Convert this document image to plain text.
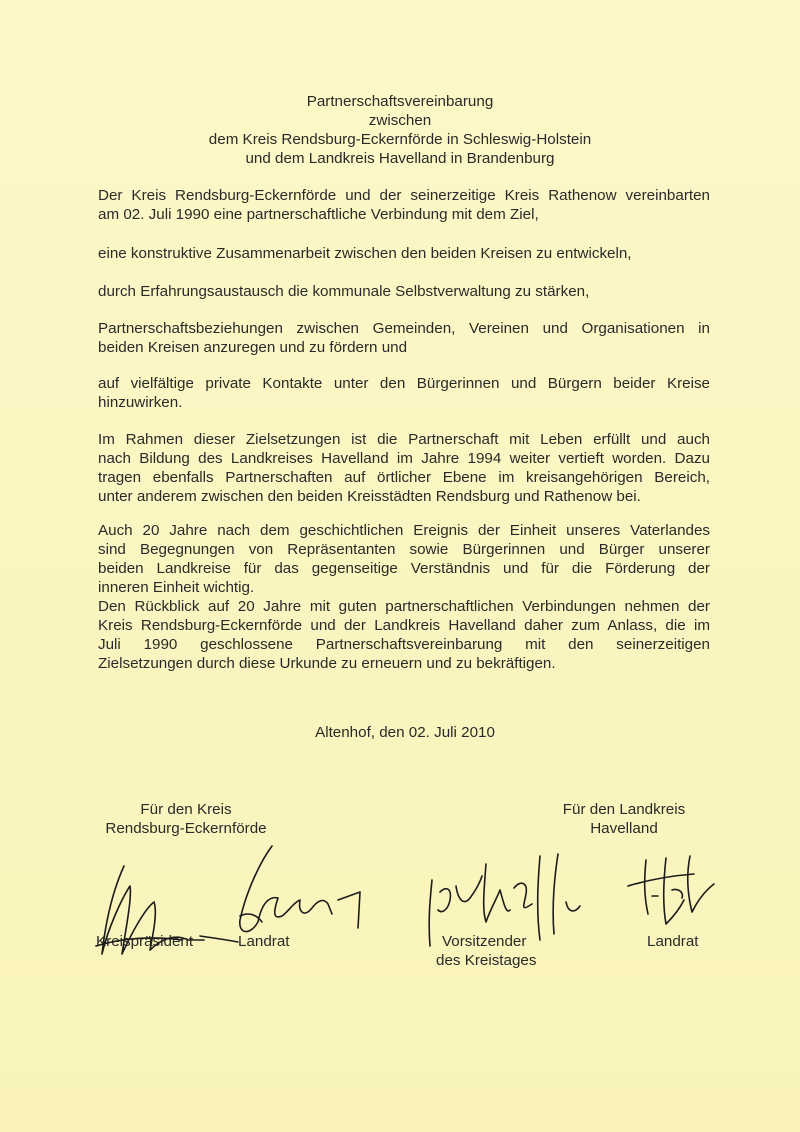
Partnerschaftsvereinbarung
zwischen
dem Kreis Rendsburg-Eckernförde in Schleswig-Holstein
und dem Landkreis Havelland in Brandenburg

Der Kreis Rendsburg-Eckernförde und der seinerzeitige Kreis Rathenow vereinbarten

am 02. Juli 1990 eine partnerschaftliche Verbindung mit dem Ziel,

eine konstruktive Zusammenarbeit zwischen den beiden Kreisen zu entwickeln,

durch Erfahrungsaustausch die kommunale Selbstverwaltung zu stärken,

Partnerschaftsbeziehungen zwischen Gemeinden, Vereinen und Organisationen in

beiden Kreisen anzuregen und zu fördern und

auf vielfältige private Kontakte unter den Bürgerinnen und Bürgern beider Kreise

hinzuwirken.

Im Rahmen dieser Zielsetzungen ist die Partnerschaft mit Leben erfüllt und auch

nach Bildung des Landkreises Havelland im Jahre 1994 weiter vertieft worden. Dazu

tragen ebenfalls Partnerschaften auf örtlicher Ebene im kreisangehörigen Bereich,

unter anderem zwischen den beiden Kreisstädten Rendsburg und Rathenow bei.

Auch 20 Jahre nach dem geschichtlichen Ereignis der Einheit unseres Vaterlandes

sind Begegnungen von Repräsentanten sowie Bürgerinnen und Bürger unserer

beiden Landkreise für das gegenseitige Verständnis und für die Förderung der

inneren Einheit wichtig.

Den Rückblick auf 20 Jahre mit guten partnerschaftlichen Verbindungen nehmen der

Kreis Rendsburg-Eckernförde und der Landkreis Havelland daher zum Anlass, die im

Juli 1990 geschlossene Partnerschaftsvereinbarung mit den seinerzeitigen

Zielsetzungen durch diese Urkunde zu erneuern und zu bekräftigen.

Altenhof, den 02. Juli 2010
Für den Kreis
Rendsburg-Eckernförde
Für den Landkreis
Havelland
Kreispräsident	Landrat	Vorsitzender
des Kreistages
Landrat
